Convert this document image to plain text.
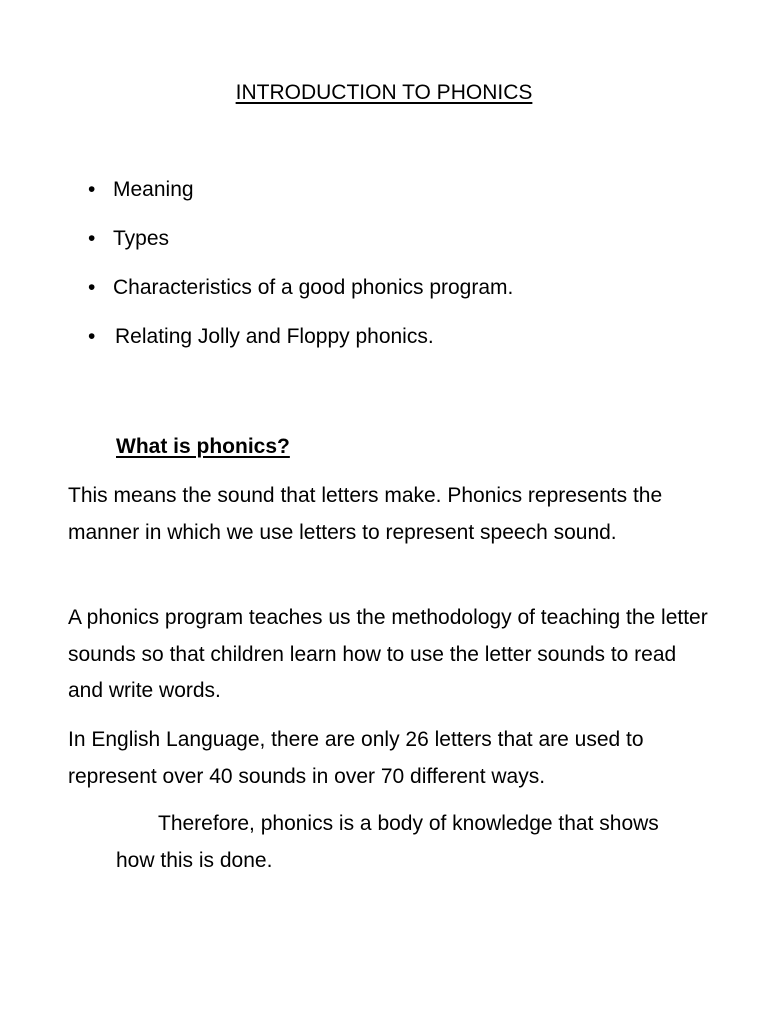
INTRODUCTION TO PHONICS
• Meaning
• Types
• Characteristics of a good phonics program.
• Relating Jolly and Floppy phonics.
What is phonics?

This means the sound that letters make. Phonics represents the manner in which we use letters to represent speech sound.

A phonics program teaches us the methodology of teaching the letter sounds so that children learn how to use the letter sounds to read and write words.

In English Language, there are only 26 letters that are used to represent over 40 sounds in over 70 different ways.

Therefore, phonics is a body of knowledge that shows how this is done.
